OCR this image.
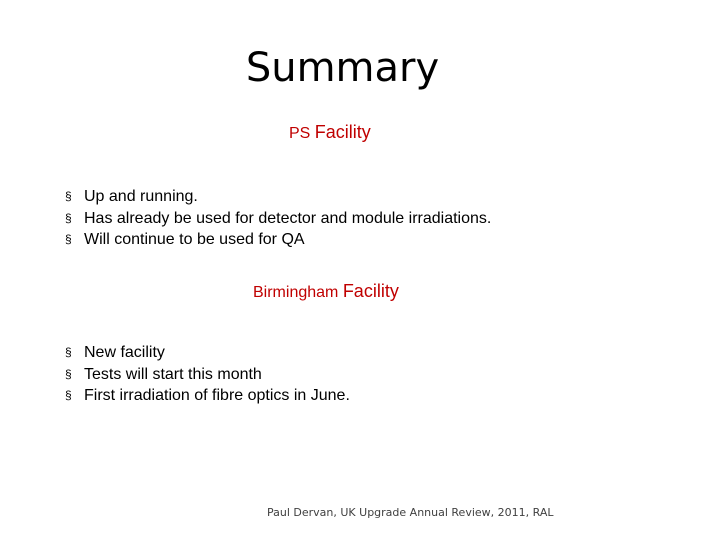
Summary
PS Facility
§ Up and running.
§ Has already be used for detector and module irradiations.
§ Will continue to be used for QA
Birmingham Facility
§ New facility
§ Tests will start this month
§ First irradiation of fibre optics in June.
Paul Dervan, UK Upgrade Annual Review, 2011, RAL
